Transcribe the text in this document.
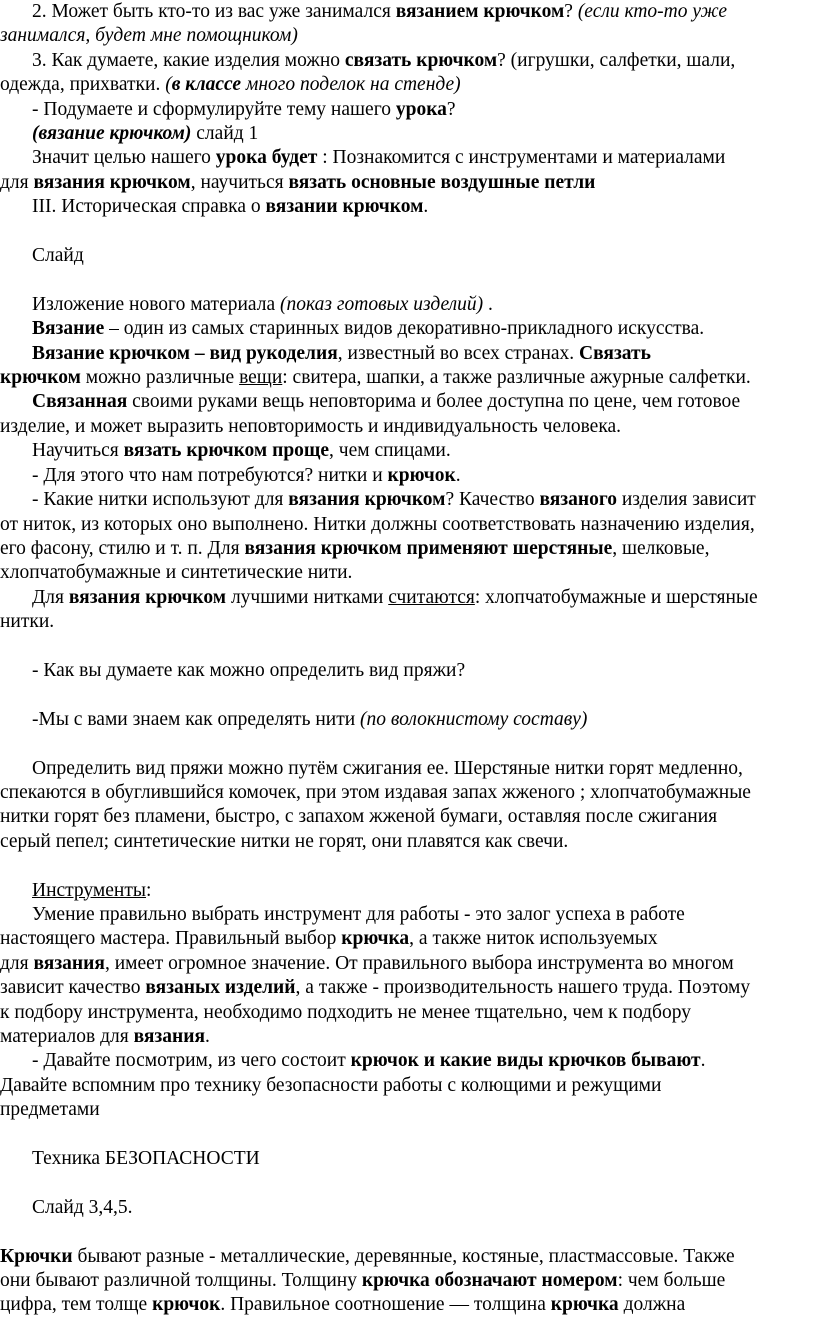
2. Может быть кто-то из вас уже занимался вязанием крючком? (если кто-то уже
занимался, будет мне помощником)
3. Как думаете, какие изделия можно связать крючком? (игрушки, салфетки, шали,
одежда, прихватки. (в классе много поделок на стенде)
- Подумаете и сформулируйте тему нашего урока?
(вязание крючком) слайд 1
Значит целью нашего урока будет : Познакомится с инструментами и материалами
для вязания крючком, научиться вязать основные воздушные петли
III. Историческая справка о вязании крючком.
Слайд
Изложение нового материала (показ готовых изделий) .
Вязание – один из самых старинных видов декоративно-прикладного искусства.
Вязание крючком – вид рукоделия, известный во всех странах. Связать
крючком можно различные вещи: свитера, шапки, а также различные ажурные салфетки.
Связанная своими руками вещь неповторима и более доступна по цене, чем готовое
изделие, и может выразить неповторимость и индивидуальность человека.
Научиться вязать крючком проще, чем спицами.
- Для этого что нам потребуются? нитки и крючок.
- Какие нитки используют для вязания крючком? Качество вязаного изделия зависит
от ниток, из которых оно выполнено. Нитки должны соответствовать назначению изделия,
его фасону, стилю и т. п. Для вязания крючком применяют шерстяные, шелковые,
хлопчатобумажные и синтетические нити.
Для вязания крючком лучшими нитками считаются: хлопчатобумажные и шерстяные
нитки.
- Как вы думаете как можно определить вид пряжи?
-Мы с вами знаем как определять нити (по волокнистому составу)
Определить вид пряжи можно путём сжигания ее. Шерстяные нитки горят медленно,
спекаются в обуглившийся комочек, при этом издавая запах жженого ; хлопчатобумажные
нитки горят без пламени, быстро, с запахом жженой бумаги, оставляя после сжигания
серый пепел; синтетические нитки не горят, они плавятся как свечи.
Инструменты:
Умение правильно выбрать инструмент для работы - это залог успеха в работе
настоящего мастера. Правильный выбор крючка, а также ниток используемых
для вязания, имеет огромное значение. От правильного выбора инструмента во многом
зависит качество вязаных изделий, а также - производительность нашего труда. Поэтому
к подбору инструмента, необходимо подходить не менее тщательно, чем к подбору
материалов для вязания.
- Давайте посмотрим, из чего состоит крючок и какие виды крючков бывают.
Давайте вспомним про технику безопасности работы с колющими и режущими
предметами
Техника БЕЗОПАСНОСТИ
Слайд 3,4,5.
Крючки бывают разные - металлические, деревянные, костяные, пластмассовые. Также
они бывают различной толщины. Толщину крючка обозначают номером: чем больше
цифра, тем толще крючок. Правильное соотношение — толщина крючка должна
